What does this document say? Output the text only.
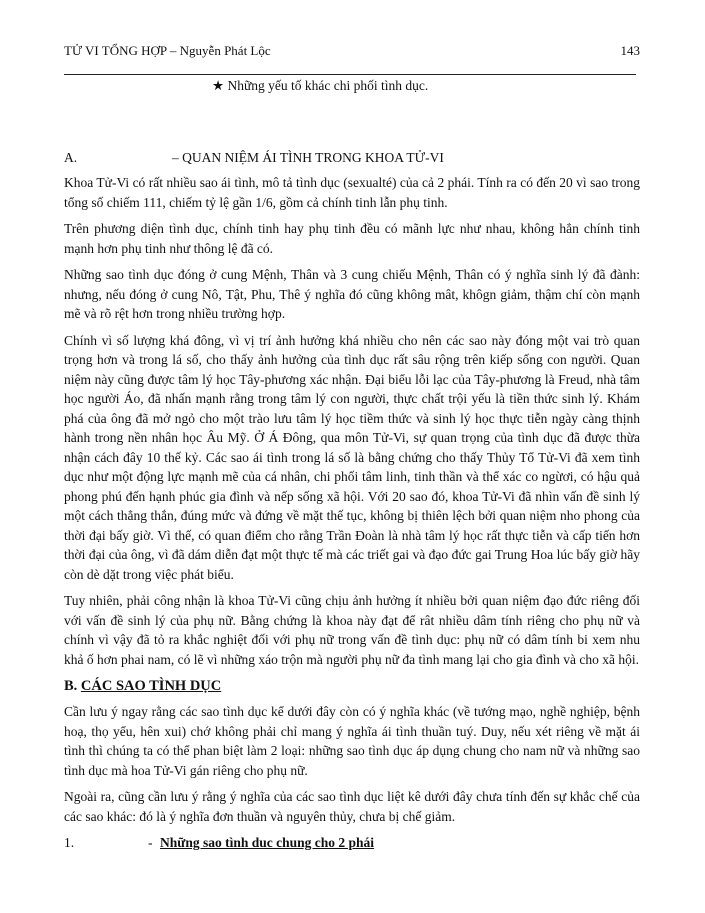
TỬ VI TỔNG HỢP – Nguyễn Phát Lộc	143
★ Những yếu tố khác chi phối tình dục.
A.	– QUAN NIỆM ÁI TÌNH TRONG KHOA TỬ-VI

Khoa Tử-Vi có rất nhiều sao ái tình, mô tả tình dục (sexualté) của cả 2 phái. Tính ra có đến 20 vì sao trong tổng số chiếm 111, chiếm tỷ lệ gần 1/6, gồm cả chính tinh lẫn phụ tinh.

Trên phương diện tình dục, chính tinh hay phụ tinh đều có mãnh lực như nhau, không hẳn chính tinh mạnh hơn phụ tinh như thông lệ đã có.

Những sao tình dục đóng ở cung Mệnh, Thân và 3 cung chiếu Mệnh, Thân có ý nghĩa sinh lý đã đành: nhưng, nếu đóng ở cung Nô, Tật, Phu, Thê ý nghĩa đó cũng không mât, khôgn giảm, thậm chí còn mạnh mẽ và rõ rệt hơn trong nhiều trường hợp.

Chính vì số lượng khá đông, vì vị trí ảnh hưởng khá nhiều cho nên các sao này đóng một vai trò quan trọng hơn và trong lá số, cho thấy ảnh hưởng của tình dục rất sâu rộng trên kiếp sống con người. Quan niệm này cũng được tâm lý học Tây-phương xác nhận. Đại biểu lỗi lạc của Tây-phương là Freud, nhà tâm học người Áo, đã nhấn mạnh rằng trong tâm lý con người, thực chất trội yếu là tiền thức sinh lý. Khám phá của ông đã mở ngỏ cho một trào lưu tâm lý học tiềm thức và sinh lý học thực tiễn ngày càng thịnh hành trong nền nhân học Âu Mỹ. Ở Á Đông, qua môn Tử-Vi, sự quan trọng của tình dục đã được thừa nhận cách đây 10 thế kỷ. Các sao ái tình trong lá số là bằng chứng cho thấy Thủy Tổ Tử-Vi đã xem tình dục như một động lực mạnh mẽ của cá nhân, chi phối tâm linh, tinh thần và thể xác co ngừơi, có hậu quả phong phú đến hạnh phúc gia đình và nếp sống xã hội. Với 20 sao đó, khoa Tử-Vi đã nhìn vấn đề sinh lý một cách thẳng thắn, đúng mức và đứng về mặt thế tục, không bị thiên lệch bởi quan niệm nho phong của thời đại bấy giờ. Vì thế, có quan điểm cho rằng Trần Đoàn là nhà tâm lý học rất thực tiễn và cấp tiến hơn thời đại của ông, vì đã dám diễn đạt một thực tế mà các triết gai và đạo đức gai Trung Hoa lúc bấy giờ hãy còn dè dặt trong việc phát biểu.

Tuy nhiên, phải công nhận là khoa Tử-Vi cũng chịu ảnh hưởng ít nhiều bởi quan niệm đạo đức riêng đối với vấn đề sinh lý của phụ nữ. Bằng chứng là khoa này đạt để rât nhiều dâm tính riêng cho phụ nữ và chính vì vậy đã tỏ ra khắc nghiệt đối với phụ nữ trong vấn đề tình dục: phụ nữ có dâm tính bi xem nhu khả ố hơn phai nam, có lẽ vì những xáo trộn mà người phụ nữ đa tình mang lại cho gia đình và cho xã hội.

B. CÁC SAO TÌNH DỤC

Cần lưu ý ngay rằng các sao tình dục kể dưới đây còn có ý nghĩa khác (về tướng mạo, nghề nghiệp, bệnh hoạ, thọ yểu, hên xui) chớ không phải chỉ mang ý nghĩa ái tình thuần tuý. Duy, nếu xét riêng về mặt ái tình thì chúng ta có thể phan biệt làm 2 loại: những sao tình dục áp dụng chung cho nam nữ và những sao tình dục mà hoa Tử-Vi gán riêng cho phụ nữ.

Ngoài ra, cũng cần lưu ý rằng ý nghĩa của các sao tình dục liệt kê dưới đây chưa tính đến sự khắc chế của các sao khác: đó là ý nghĩa đơn thuần và nguyên thủy, chưa bị chế giảm.

1.	- Những sao tình duc chung cho 2 phái
